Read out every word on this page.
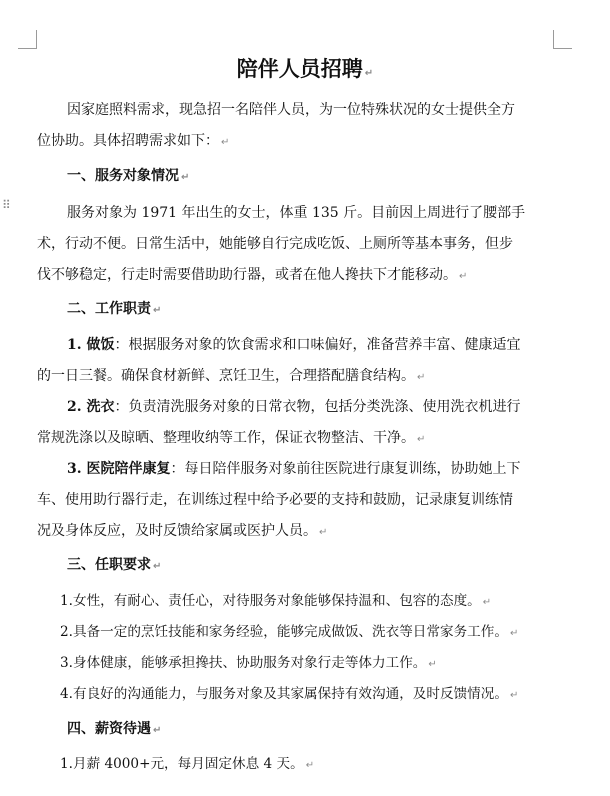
⠿
陪伴人员招聘 ↵
因家庭照料需求，现急招一名陪伴人员，为一位特殊状况的女士提供全方
位协助。具体招聘需求如下： ↵
一、服务对象情况 ↵
服务对象为 1971 年出生的女士，体重 135 斤。目前因上周进行了腰部手
术，行动不便。日常生活中，她能够自行完成吃饭、上厕所等基本事务，但步
伐不够稳定，行走时需要借助助行器，或者在他人搀扶下才能移动。 ↵
二、工作职责 ↵
1. 做饭：根据服务对象的饮食需求和口味偏好，准备营养丰富、健康适宜
的一日三餐。确保食材新鲜、烹饪卫生，合理搭配膳食结构。 ↵
2. 洗衣：负责清洗服务对象的日常衣物，包括分类洗涤、使用洗衣机进行
常规洗涤以及晾晒、整理收纳等工作，保证衣物整洁、干净。 ↵
3. 医院陪伴康复：每日陪伴服务对象前往医院进行康复训练，协助她上下
车、使用助行器行走，在训练过程中给予必要的支持和鼓励，记录康复训练情
况及身体反应，及时反馈给家属或医护人员。 ↵
三、任职要求 ↵
1.女性，有耐心、责任心，对待服务对象能够保持温和、包容的态度。 ↵
2.具备一定的烹饪技能和家务经验，能够完成做饭、洗衣等日常家务工作。 ↵
3.身体健康，能够承担搀扶、协助服务对象行走等体力工作。 ↵
4.有良好的沟通能力，与服务对象及其家属保持有效沟通，及时反馈情况。 ↵
四、薪资待遇 ↵
1.月薪 4000+元，每月固定休息 4 天。 ↵
